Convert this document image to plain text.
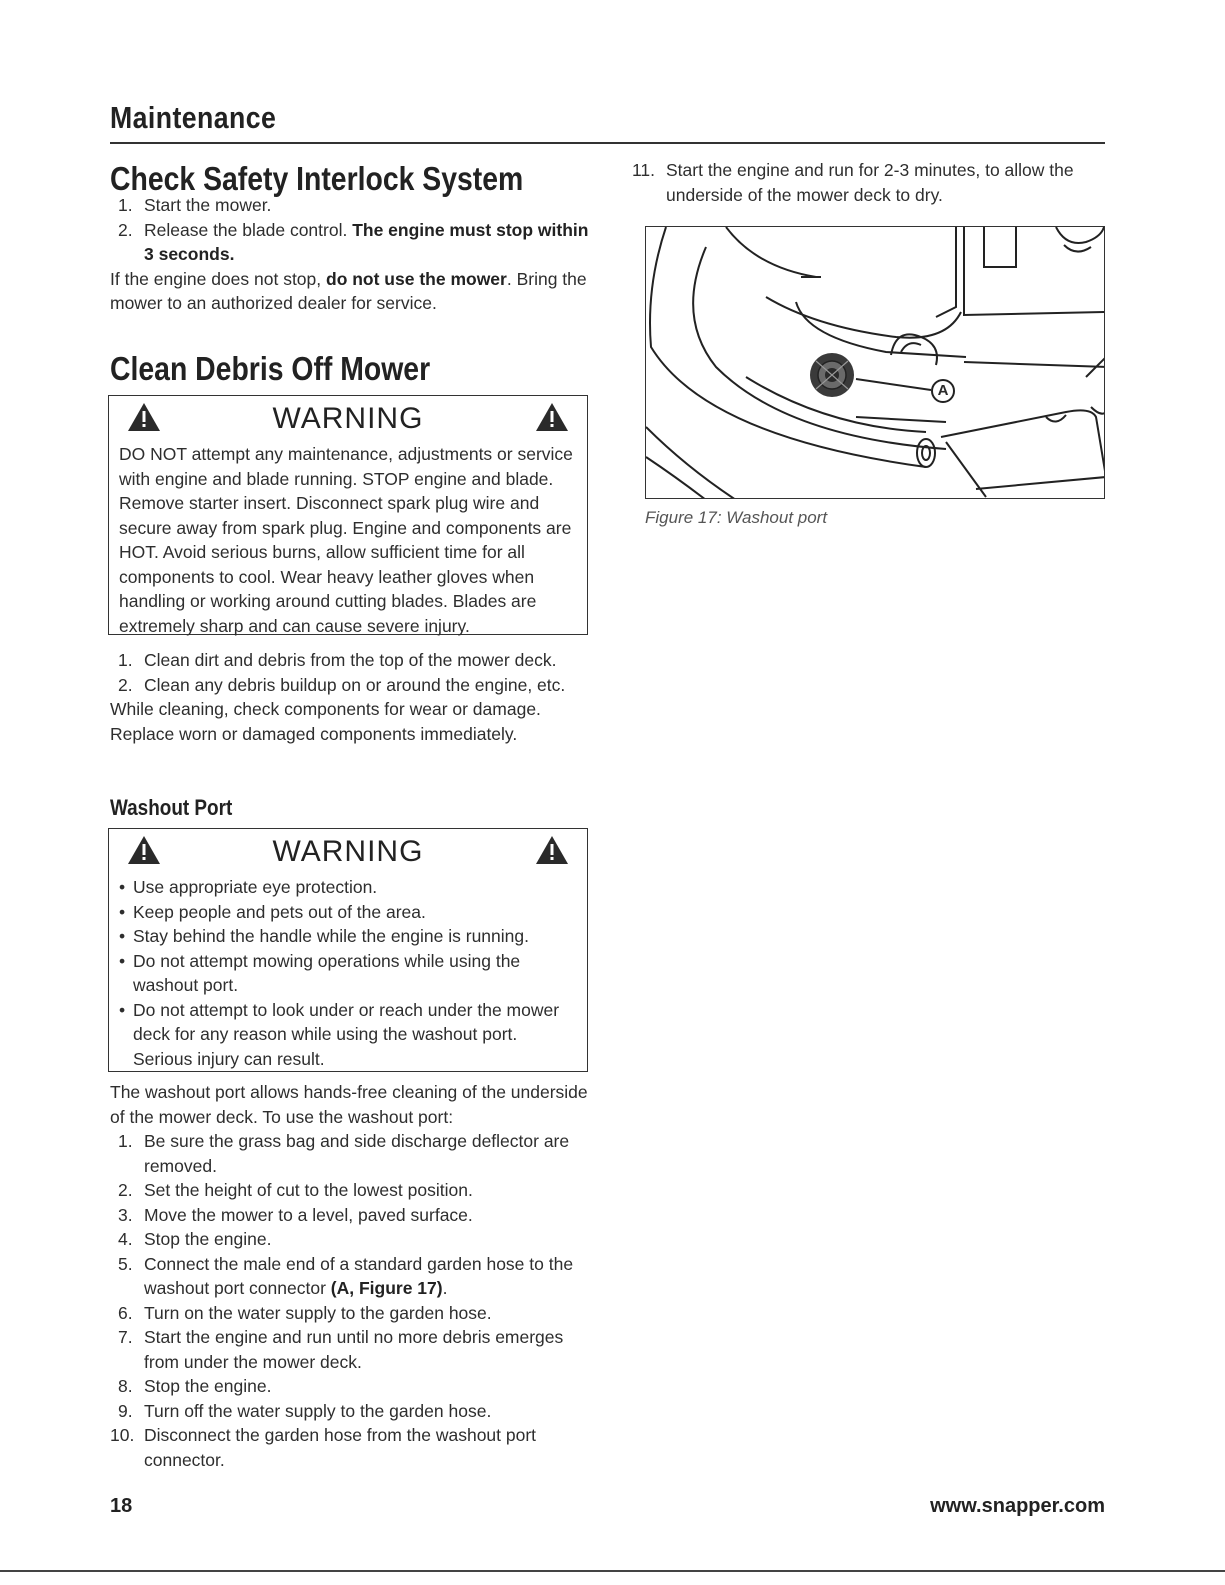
Maintenance
Check Safety Interlock System
1. Start the mower.
2. Release the blade control. The engine must stop within 3 seconds.

If the engine does not stop, do not use the mower. Bring the mower to an authorized dealer for service.

Clean Debris Off Mower
WARNING
DO NOT attempt any maintenance, adjustments or service with engine and blade running. STOP engine and blade. Remove starter insert. Disconnect spark plug wire and secure away from spark plug. Engine and components are HOT. Avoid serious burns, allow sufficient time for all components to cool. Wear heavy leather gloves when handling or working around cutting blades. Blades are extremely sharp and can cause severe injury.
1. Clean dirt and debris from the top of the mower deck.
2. Clean any debris buildup on or around the engine, etc.

While cleaning, check components for wear or damage. Replace worn or damaged components immediately.

Washout Port
WARNING
• Use appropriate eye protection.
• Keep people and pets out of the area.
• Stay behind the handle while the engine is running.
• Do not attempt mowing operations while using the washout port.
• Do not attempt to look under or reach under the mower deck for any reason while using the washout port. Serious injury can result.

The washout port allows hands-free cleaning of the underside of the mower deck. To use the washout port:

1. Be sure the grass bag and side discharge deflector are removed.
2. Set the height of cut to the lowest position.
3. Move the mower to a level, paved surface.
4. Stop the engine.
5. Connect the male end of a standard garden hose to the washout port connector (A, Figure 17).
6. Turn on the water supply to the garden hose.
7. Start the engine and run until no more debris emerges from under the mower deck.
8. Stop the engine.
9. Turn off the water supply to the garden hose.
10. Disconnect the garden hose from the washout port connector.
11. Start the engine and run for 2-3 minutes, to allow the underside of the mower deck to dry.
A
Figure 17: Washout port
18	www.snapper.com
